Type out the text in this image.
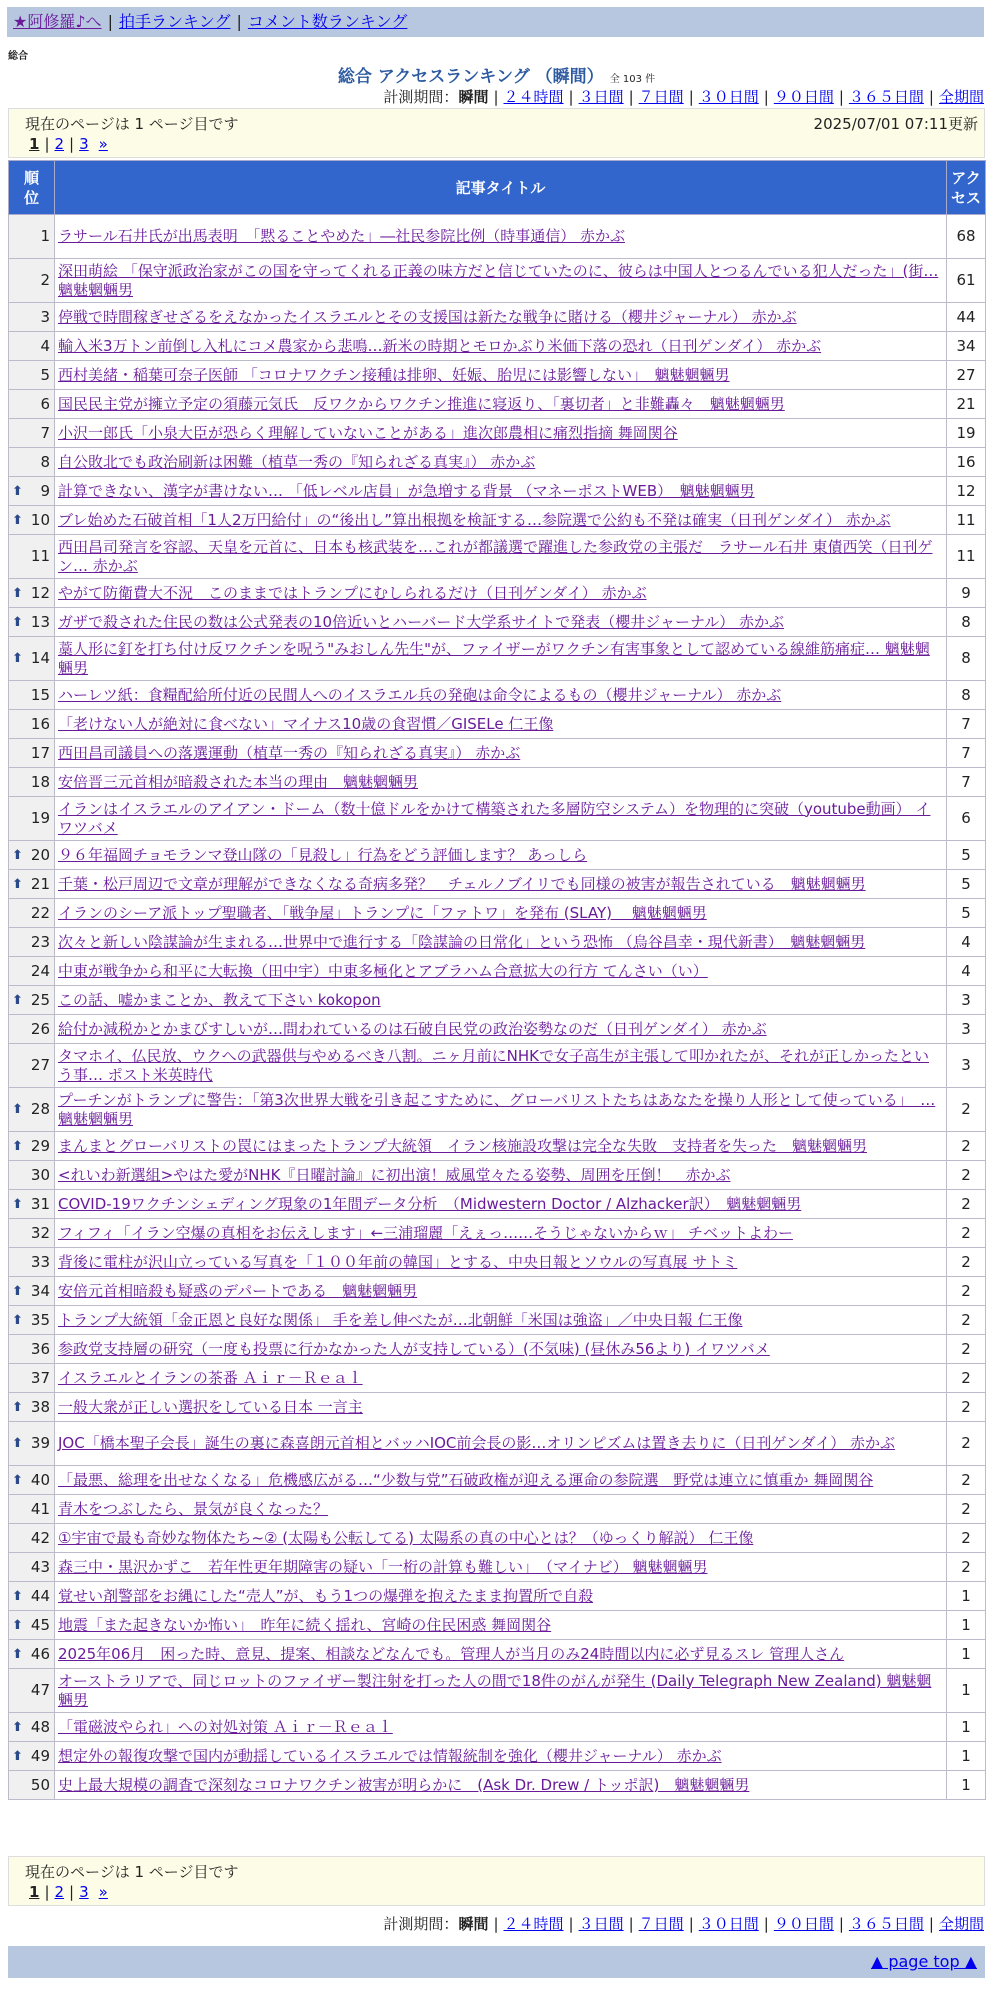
★阿修羅♪へ | 拍手ランキング | コメント数ランキング
総合
総合 アクセスランキング （瞬間） 全 103 件
計測期間：瞬間 | ２４時間 | ３日間 | ７日間 | ３０日間 | ９０日間 | ３６５日間 | 全期間
現在のページは 1 ページ目です	2025/07/01 07:11更新
1 | 2 | 3 »
順位	記事タイトル	アクセス
1	ラサール石井氏が出馬表明　「黙ることやめた」―社民参院比例（時事通信） 赤かぶ	68
2	深田萌絵 「保守派政治家がこの国を守ってくれる正義の味方だと信じていたのに、彼らは中国人とつるんでいる犯人だった」(街… 魑魅魍魎男	61
3	停戦で時間稼ぎせざるをえなかったイスラエルとその支援国は新たな戦争に賭ける（櫻井ジャーナル） 赤かぶ	44
4	輸入米3万トン前倒し入札にコメ農家から悲鳴…新米の時期とモロかぶり米価下落の恐れ（日刊ゲンダイ） 赤かぶ	34
5	西村美緒・稲葉可奈子医師 「コロナワクチン接種は排卵、妊娠、胎児には影響しない」　魑魅魍魎男	27
6	国民民主党が擁立予定の須藤元気氏　反ワクからワクチン推進に寝返り、「裏切者」と非難轟々　魑魅魍魎男	21
7	小沢一郎氏「小泉大臣が恐らく理解していないことがある」進次郎農相に痛烈指摘 舞岡関谷	19
8	自公敗北でも政治刷新は困難（植草一秀の『知られざる真実』） 赤かぶ	16

⬆ 9	計算できない、漢字が書けない… 「低レベル店員」が急増する背景 （マネーポストWEB）　魑魅魍魎男	12

⬆ 10	ブレ始めた石破首相「1人2万円給付」の“後出し”算出根拠を検証する…参院選で公約も不発は確実（日刊ゲンダイ） 赤かぶ	11
11	西田昌司発言を容認、天皇を元首に、日本も核武装を…これが都議選で躍進した参政党の主張だ　ラサール石井 東債西笑（日刊ゲン… 赤かぶ	11

⬆ 12	やがて防衛費大不況　このままではトランプにむしられるだけ（日刊ゲンダイ） 赤かぶ	9

⬆ 13	ガザで殺された住民の数は公式発表の10倍近いとハーバード大学系サイトで発表（櫻井ジャーナル） 赤かぶ	8

⬆ 14	藁人形に釘を打ち付け反ワクチンを呪う"みおしん先生"が、ファイザーがワクチン有害事象として認めている線維筋痛症… 魑魅魍魎男	8
15	ハーレツ紙：食糧配給所付近の民間人へのイスラエル兵の発砲は命令によるもの（櫻井ジャーナル） 赤かぶ	8
16	「老けない人が絶対に食べない」マイナス10歳の食習慣／GISELe 仁王像	7
17	西田昌司議員への落選運動（植草一秀の『知られざる真実』） 赤かぶ	7
18	安倍晋三元首相が暗殺された本当の理由　魑魅魍魎男	7
19	イランはイスラエルのアイアン・ドーム（数十億ドルをかけて構築された多層防空システム）を物理的に突破（youtube動画） イワツバメ	6

⬆ 20	９６年福岡チョモランマ登山隊の「見殺し」行為をどう評価します？ あっしら	5

⬆ 21	千葉・松戸周辺で文章が理解ができなくなる奇病多発？　チェルノブイリでも同様の被害が報告されている　魑魅魍魎男	5
22	イランのシーア派トップ聖職者、「戦争屋」トランプに「ファトワ」を発布 (SLAY)　 魑魅魍魎男	5
23	次々と新しい陰謀論が生まれる…世界中で進行する「陰謀論の日常化」という恐怖 （烏谷昌幸・現代新書）　魑魅魍魎男	4
24	中東が戦争から和平に大転換（田中宇）中東多極化とアブラハム合意拡大の行方 てんさい（い）	4

⬆ 25	この話、嘘かまことか、教えて下さい kokopon	3
26	給付か減税かとかまびすしいが…問われているのは石破自民党の政治姿勢なのだ（日刊ゲンダイ） 赤かぶ	3
27	タマホイ、仏民放、ウクへの武器供与やめるべき八割。ニヶ月前にNHKで女子高生が主張して叩かれたが、それが正しかったという事… ポスト米英時代	3

⬆ 28	プーチンがトランプに警告：「第3次世界大戦を引き起こすために、グローバリストたちはあなたを操り人形として使っている」　… 魑魅魍魎男	2

⬆ 29	まんまとグローバリストの罠にはまったトランプ大統領　イラン核施設攻撃は完全な失敗　支持者を失った　魑魅魍魎男	2
30	<れいわ新選組>やはた愛がNHK『日曜討論』に初出演！威風堂々たる姿勢、周囲を圧倒！　赤かぶ	2

⬆ 31	COVID-19ワクチンシェディング現象の1年間データ分析　（Midwestern Doctor / Alzhacker訳）　魑魅魍魎男	2
32	フィフィ「イラン空爆の真相をお伝えします」←三浦瑠麗「えぇっ……そうじゃないからｗ」 チベットよわー	2
33	背後に電柱が沢山立っている写真を「１００年前の韓国」とする、中央日報とソウルの写真展 サトミ	2

⬆ 34	安倍元首相暗殺も疑惑のデパートである　魑魅魍魎男	2

⬆ 35	トランプ大統領「金正恩と良好な関係」 手を差し伸べたが…北朝鮮「米国は強盗」／中央日報 仁王像	2
36	参政党支持層の研究（一度も投票に行かなかった人が支持している）(不気味) (昼休み56より) イワツバメ	2
37	イスラエルとイランの茶番 Ａｉｒ－Ｒｅａｌ	2

⬆ 38	一般大衆が正しい選択をしている日本 一言主	2

⬆ 39	JOC「橋本聖子会長」誕生の裏に森喜朗元首相とバッハIOC前会長の影…オリンピズムは置き去りに（日刊ゲンダイ） 赤かぶ	2

⬆ 40	「最悪、総理を出せなくなる」危機感広がる…“少数与党”石破政権が迎える運命の参院選　野党は連立に慎重か 舞岡関谷	2
41	青木をつぶしたら、景気が良くなった？	2
42	①宇宙で最も奇妙な物体たち~② (太陽も公転してる) 太陽系の真の中心とは？（ゆっくり解説） 仁王像	2
43	森三中・黒沢かずこ　若年性更年期障害の疑い「一桁の計算も難しい」　（マイナビ） 魑魅魍魎男	2

⬆ 44	覚せい剤警部をお縄にした“売人”が、もう1つの爆弾を抱えたまま拘置所で自殺	1

⬆ 45	地震「また起きないか怖い」　昨年に続く揺れ、宮崎の住民困惑 舞岡関谷	1

⬆ 46	2025年06月　困った時、意見、提案、相談などなんでも。管理人が当月のみ24時間以内に必ず見るスレ 管理人さん	1
47	オーストラリアで、同じロットのファイザー製注射を打った人の間で18件のがんが発生 (Daily Telegraph New Zealand) 魑魅魍魎男	1

⬆ 48	「電磁波やられ」への対処対策 Ａｉｒ－Ｒｅａｌ	1

⬆ 49	想定外の報復攻撃で国内が動揺しているイスラエルでは情報統制を強化（櫻井ジャーナル） 赤かぶ	1
50	史上最大規模の調査で深刻なコロナワクチン被害が明らかに　(Ask Dr. Drew / トッポ訳)　魑魅魍魎男	1
現在のページは 1 ページ目です
1 | 2 | 3 »
計測期間：瞬間 | ２４時間 | ３日間 | ７日間 | ３０日間 | ９０日間 | ３６５日間 | 全期間
▲ page top ▲
